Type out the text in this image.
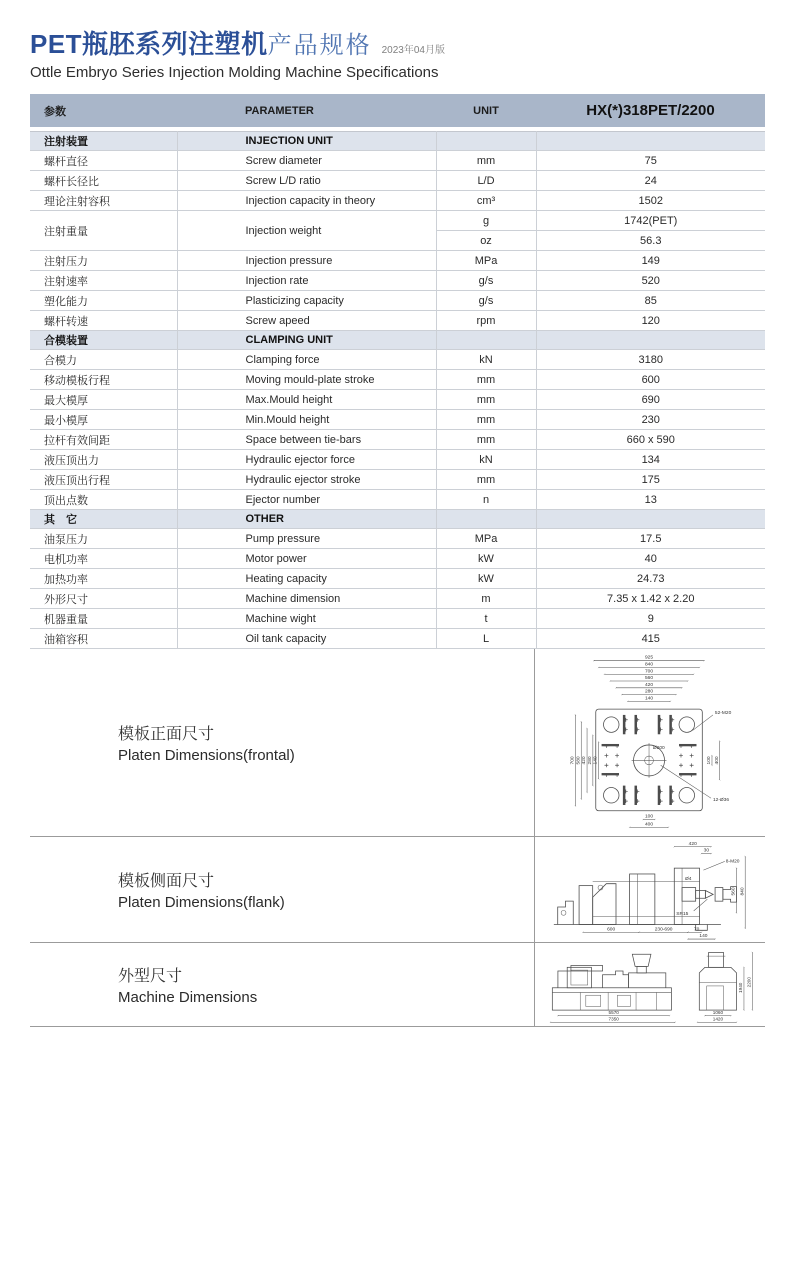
PET瓶胚系列注塑机 产品规格 2023年04月版
Ottle Embryo Series Injection Molding Machine Specifications
参数	PARAMETER	UNIT	HX(*)318PET/2200
注射装置	INJECTION UNIT		
螺杆直径	Screw diameter	mm	75
螺杆长径比	Screw L/D ratio	L/D	24
理论注射容积	Injection capacity in theory	cm³	1502
注射重量	Injection weight	g	1742(PET)
		oz	56.3
注射压力	Injection pressure	MPa	149
注射速率	Injection rate	g/s	520
塑化能力	Plasticizing capacity	g/s	85
螺杆转速	Screw apeed	rpm	120
合模装置	CLAMPING UNIT		
合模力	Clamping force	kN	3180
移动模板行程	Moving mould-plate stroke	mm	600
最大模厚	Max.Mould height	mm	690
最小模厚	Min.Mould height	mm	230
拉杆有效间距	Space between tie-bars	mm	660 x 590
液压顶出力	Hydraulic ejector force	kN	134
液压顶出行程	Hydraulic ejector stroke	mm	175
顶出点数	Ejector number	n	13
其　它	OTHER		
油泵压力	Pump pressure	MPa	17.5
电机功率	Motor power	kW	40
加热功率	Heating capacity	kW	24.73
外形尺寸	Machine dimension	m	7.35 x 1.42 x 2.20
机器重量	Machine wight	t	9
油箱容积	Oil tank capacity	L	415
模板正面尺寸
Platen Dimensions(frontal)
925
840
700
560
420
280
140
700 580 420 280 140	100 400
52-M20
12-Ø36
Ø200
100
400
模板侧面尺寸
Platen Dimensions(flank)
420
30
8-M20
Ø4
SR15
560 840
600	230-690	70
140
外型尺寸
Machine Dimensions
5570
7350
1060
1420
1940
2200
